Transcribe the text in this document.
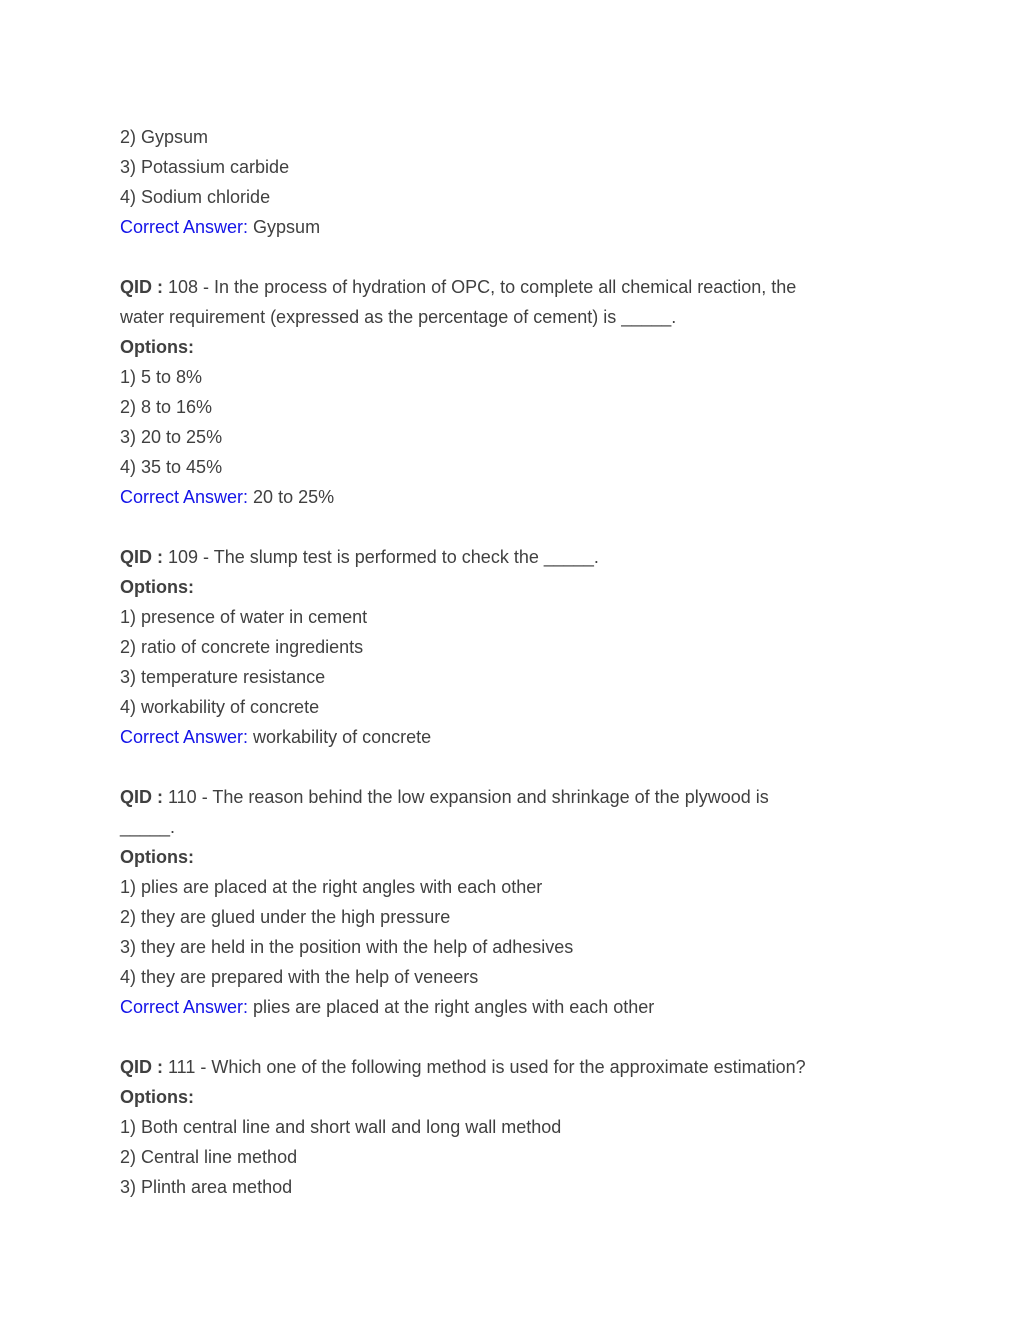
2) Gypsum
3) Potassium carbide
4) Sodium chloride
Correct Answer: Gypsum
QID : 108 - In the process of hydration of OPC, to complete all chemical reaction, the
water requirement (expressed as the percentage of cement) is _____.
Options:
1) 5 to 8%
2) 8 to 16%
3) 20 to 25%
4) 35 to 45%
Correct Answer: 20 to 25%
QID : 109 - The slump test is performed to check the _____.
Options:
1) presence of water in cement
2) ratio of concrete ingredients
3) temperature resistance
4) workability of concrete
Correct Answer: workability of concrete
QID : 110 - The reason behind the low expansion and shrinkage of the plywood is
_____.
Options:
1) plies are placed at the right angles with each other
2) they are glued under the high pressure
3) they are held in the position with the help of adhesives
4) they are prepared with the help of veneers
Correct Answer: plies are placed at the right angles with each other
QID : 111 - Which one of the following method is used for the approximate estimation?
Options:
1) Both central line and short wall and long wall method
2) Central line method
3) Plinth area method
